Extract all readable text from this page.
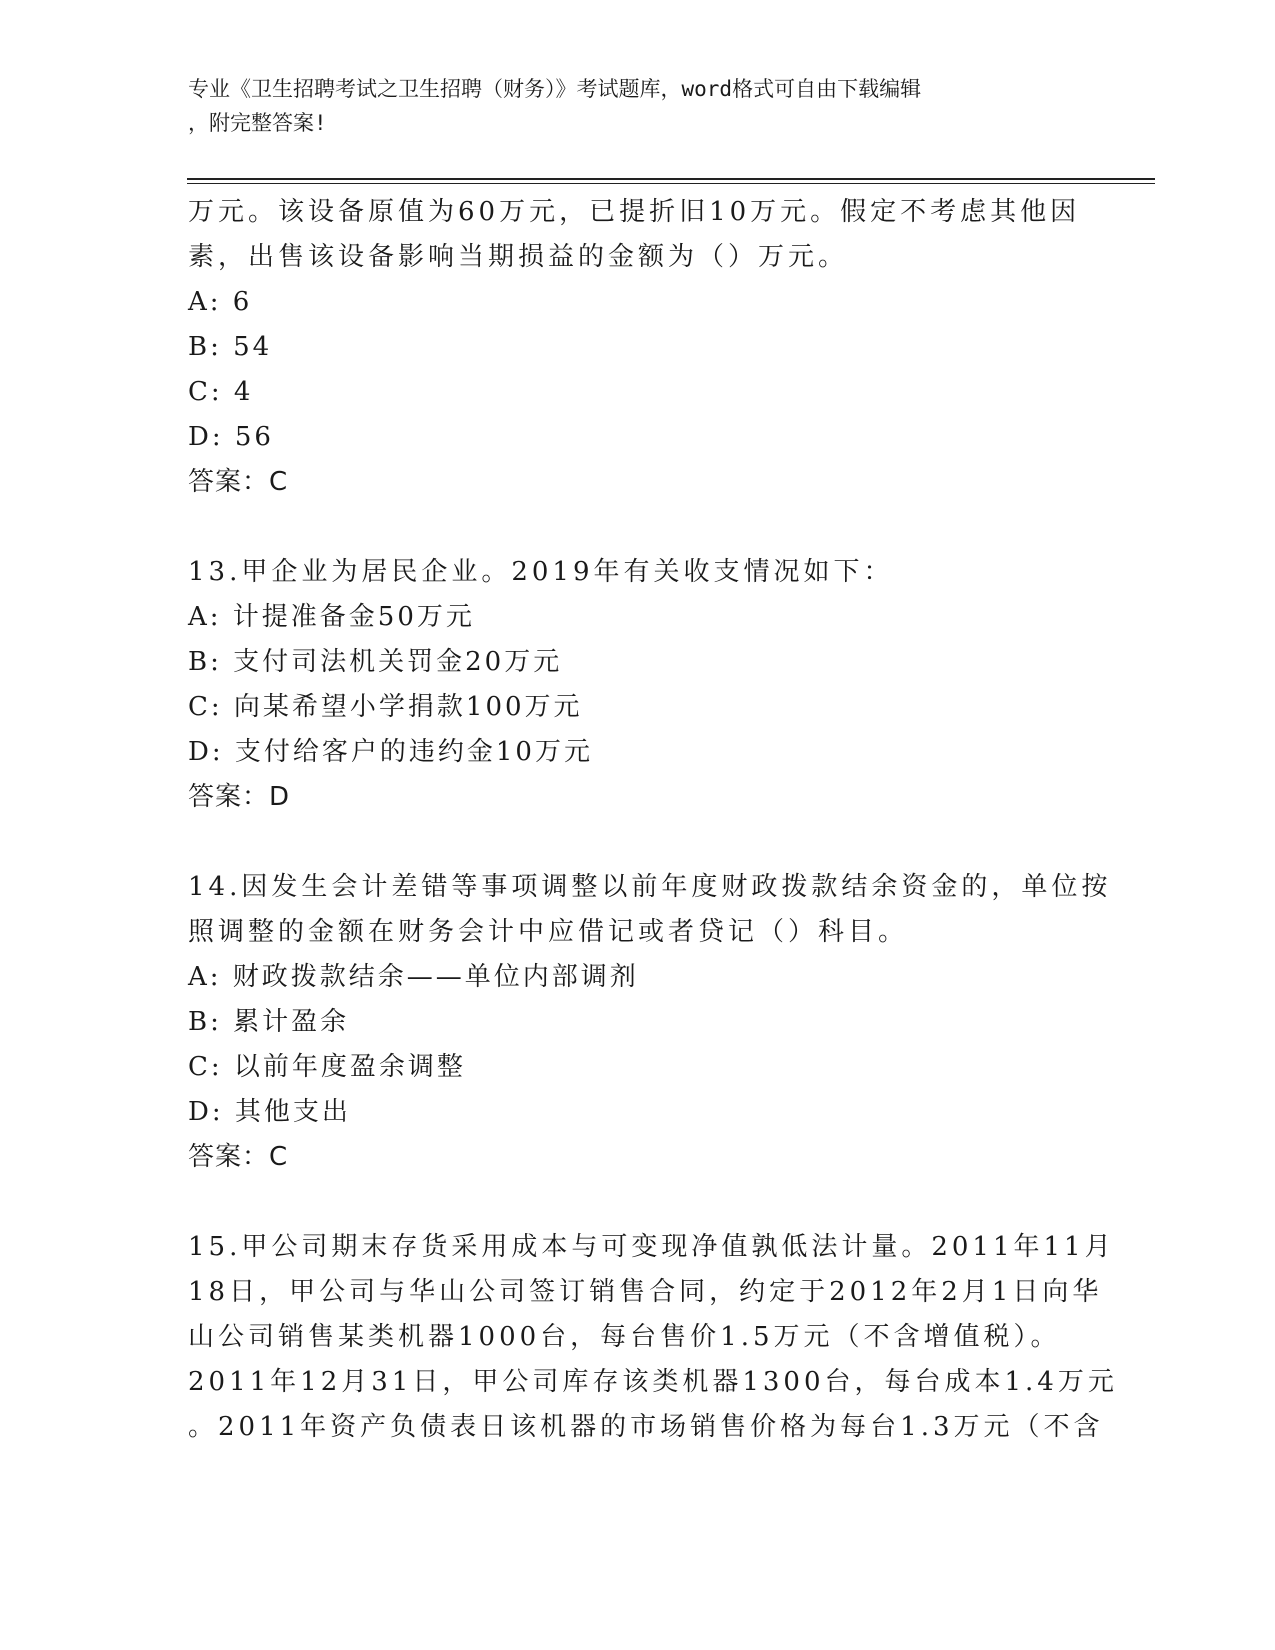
专业《卫生招聘考试之卫生招聘（财务）》考试题库，word格式可自由下载编辑
，附完整答案!
万元。该设备原值为60万元，已提折旧10万元。假定不考虑其他因
素，出售该设备影响当期损益的金额为（）万元。
A: 6
B: 54
C: 4
D: 56
答案：C
13.甲企业为居民企业。2019年有关收支情况如下：
A: 计提准备金50万元
B: 支付司法机关罚金20万元
C: 向某希望小学捐款100万元
D: 支付给客户的违约金10万元
答案：D
14.因发生会计差错等事项调整以前年度财政拨款结余资金的，单位按
照调整的金额在财务会计中应借记或者贷记（）科目。
A: 财政拨款结余——单位内部调剂
B: 累计盈余
C: 以前年度盈余调整
D: 其他支出
答案：C
15.甲公司期末存货采用成本与可变现净值孰低法计量。2011年11月
18日，甲公司与华山公司签订销售合同，约定于2012年2月1日向华
山公司销售某类机器1000台，每台售价1.5万元（不含增值税）。
2011年12月31日，甲公司库存该类机器1300台，每台成本1.4万元
。2011年资产负债表日该机器的市场销售价格为每台1.3万元（不含
